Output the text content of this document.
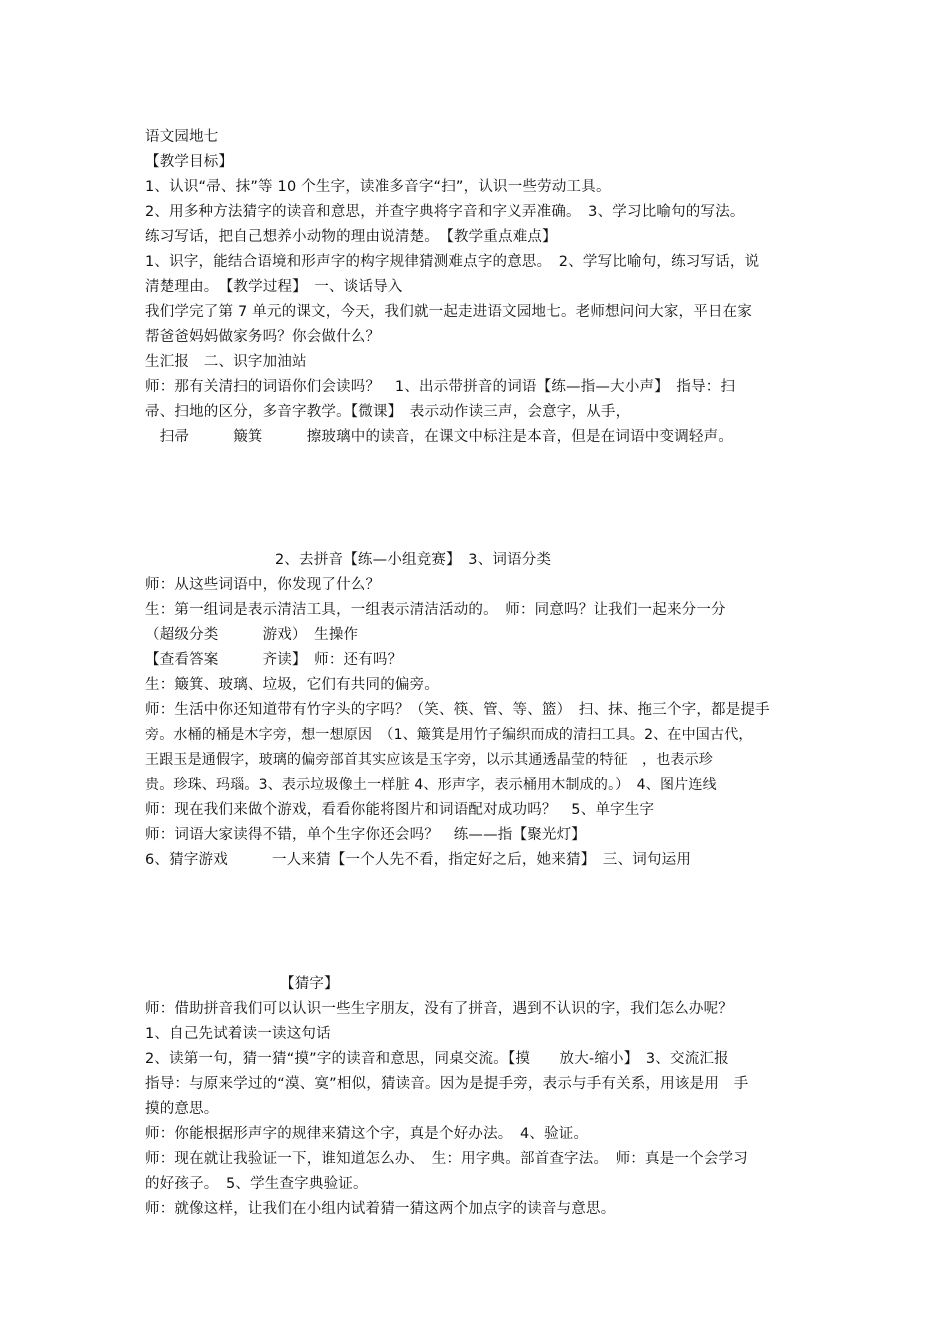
语文园地七
【教学目标】
1、认识“帚、抹”等 10 个生字，读准多音字“扫”，认识一些劳动工具。
2、用多种方法猜字的读音和意思，并查字典将字音和字义弄准确。　3、学习比喻句的写法。
练习写话，把自己想养小动物的理由说清楚。　【教学重点难点】
1、识字，能结合语境和形声字的构字规律猜测难点字的意思。　2、学写比喻句，练习写话，说
清楚理由。　【教学过程】　一、谈话导入
我们学完了第 7 单元的课文，今天，我们就一起走进语文园地七。老师想问问大家，平日在家
帮爸爸妈妈做家务吗？你会做什么？
生汇报　二、识字加油站
师：那有关清扫的词语你们会读吗？　1、出示带拼音的词语【练—指—大小声】　指导：扫
帚、扫地的区分，多音字教学。【微课】　表示动作读三声，会意字，从手，
　扫帚　　　簸箕　　　擦玻璃中的读音，在课文中标注是本音，但是在词语中变调轻声。
2、去拼音【练—小组竞赛】　3、词语分类
师：从这些词语中，你发现了什么？
生：第一组词是表示清洁工具，一组表示清洁活动的。　师：同意吗？让我们一起来分一分
（超级分类　　　游戏）　生操作
【查看答案　　　齐读】　师：还有吗？
生：簸箕、玻璃、垃圾，它们有共同的偏旁。
师：生活中你还知道带有竹字头的字吗？（笑、筷、管、等、篮）　扫、抹、拖三个字，都是提手
旁。水桶的桶是木字旁，想一想原因　（1、簸箕是用竹子编织而成的清扫工具。2、在中国古代，
王跟玉是通假字，玻璃的偏旁部首其实应该是玉字旁，以示其通透晶莹的特征　，也表示珍
贵。珍珠、玛瑙。3、表示垃圾像土一样脏 4、形声字，表示桶用木制成的。）　4、图片连线
师：现在我们来做个游戏，看看你能将图片和词语配对成功吗？　5、单字生字
师：词语大家读得不错，单个生字你还会吗？　练——指【聚光灯】
6、猜字游戏　　　一人来猜【一个人先不看，指定好之后，她来猜】　三、词句运用
【猜字】
师：借助拼音我们可以认识一些生字朋友，没有了拼音，遇到不认识的字，我们怎么办呢？
1、自己先试着读一读这句话
2、读第一句，猜一猜“摸”字的读音和意思，同桌交流。【摸　　放大-缩小】　3、交流汇报
指导：与原来学过的“漠、寞”相似，猜读音。因为是提手旁，表示与手有关系，用该是用　手
摸的意思。
师：你能根据形声字的规律来猜这个字，真是个好办法。　4、验证。
师：现在就让我验证一下，谁知道怎么办、　生：用字典。部首查字法。　师：真是一个会学习
的好孩子。　5、学生查字典验证。
师：就像这样，让我们在小组内试着猜一猜这两个加点字的读音与意思。
